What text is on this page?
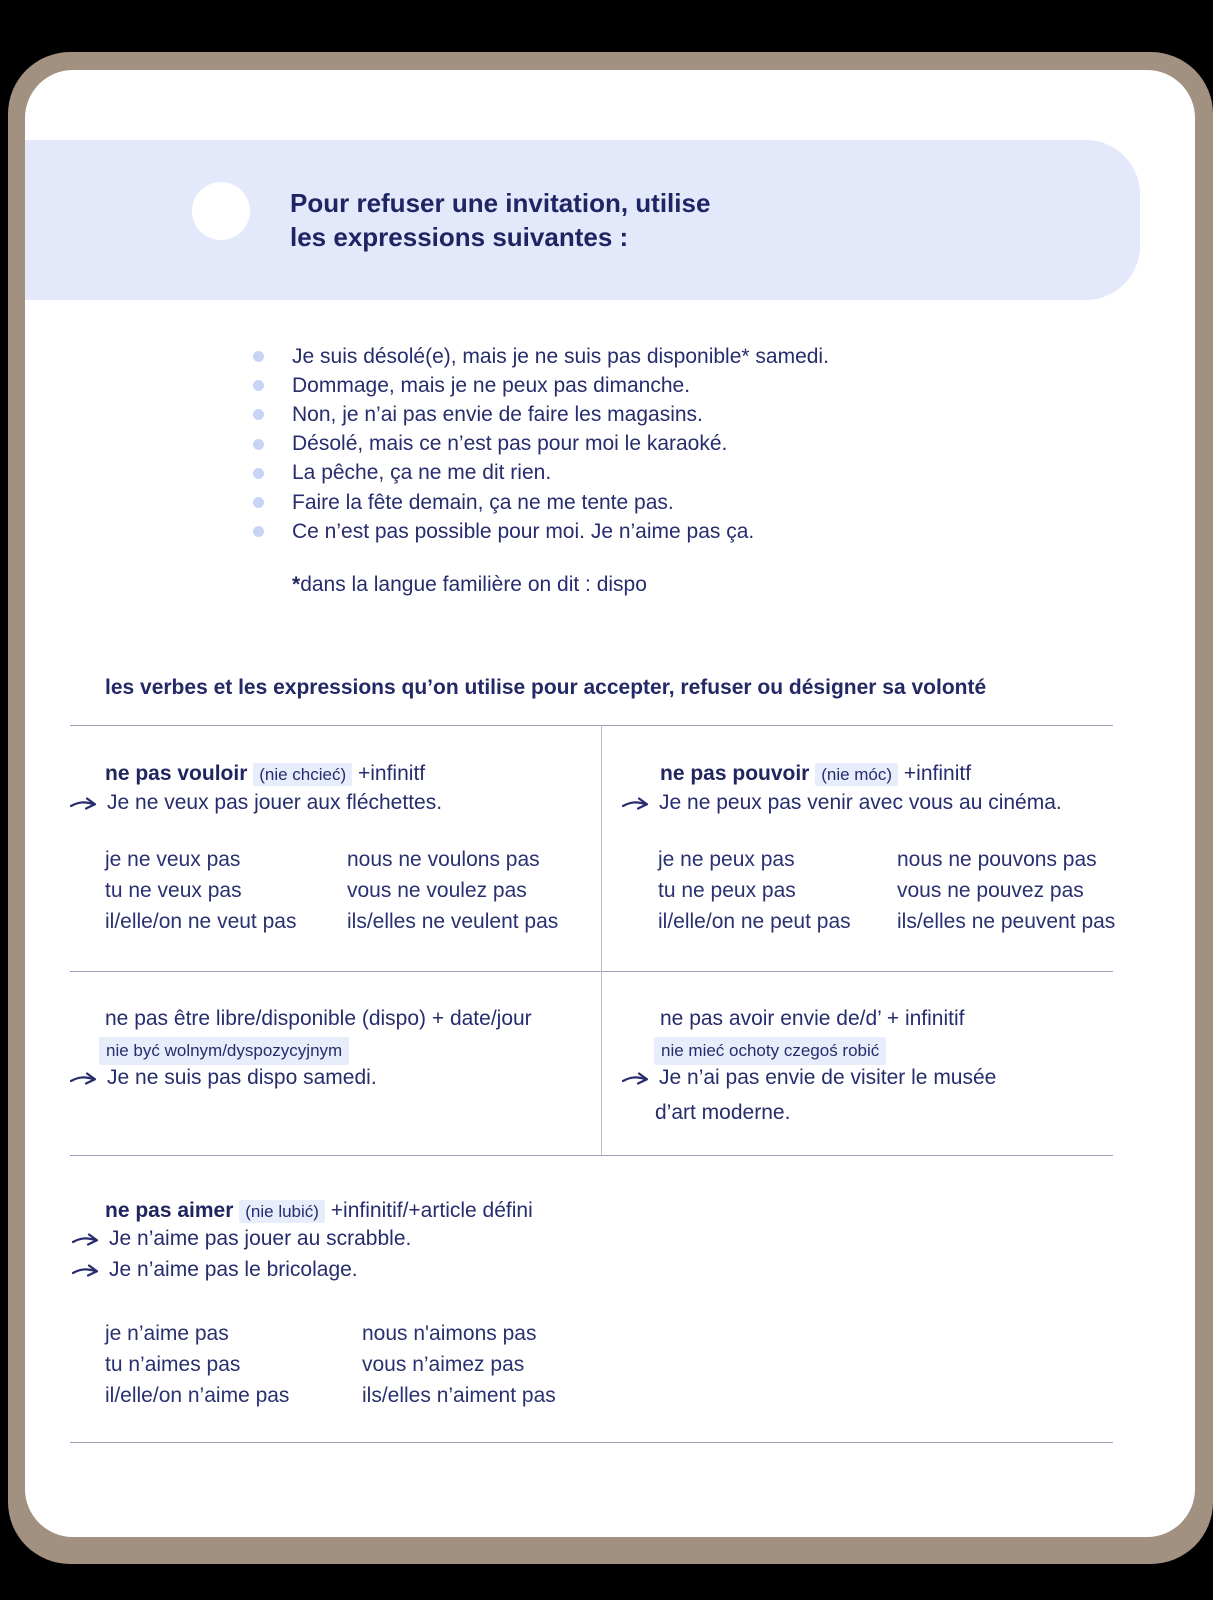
Pour refuser une invitation, utilise
les expressions suivantes :
Je suis désolé(e), mais je ne suis pas disponible* samedi.
Dommage, mais je ne peux pas dimanche.
Non, je n’ai pas envie de faire les magasins.
Désolé, mais ce n’est pas pour moi le karaoké.
La pêche, ça ne me dit rien.
Faire la fête demain, ça ne me tente pas.
Ce n’est pas possible pour moi. Je n’aime pas ça.
*dans la langue familière on dit : dispo
les verbes et les expressions qu’on utilise pour accepter, refuser ou désigner sa volonté
ne pas vouloir (nie chcieć) +infinitf
Je ne veux pas jouer aux fléchettes.
je ne veux pas
tu ne veux pas
il/elle/on ne veut pas
nous ne voulons pas
vous ne voulez pas
ils/elles ne veulent pas
ne pas pouvoir (nie móc) +infinitf
Je ne peux pas venir avec vous au cinéma.
je ne peux pas
tu ne peux pas
il/elle/on ne peut pas
nous ne pouvons pas
vous ne pouvez pas
ils/elles ne peuvent pas
ne pas être libre/disponible (dispo) + date/jour
nie być wolnym/dyspozycyjnym
Je ne suis pas dispo samedi.
ne pas avoir envie de/d’ + infinitif
nie mieć ochoty czegoś robić
Je n’ai pas envie de visiter le musée
d’art moderne.
ne pas aimer (nie lubić) +infinitif/+article défini
Je n’aime pas jouer au scrabble.
Je n’aime pas le bricolage.
je n’aime pas
tu n’aimes pas
il/elle/on n’aime pas
nous n'aimons pas
vous n’aimez pas
ils/elles n’aiment pas
